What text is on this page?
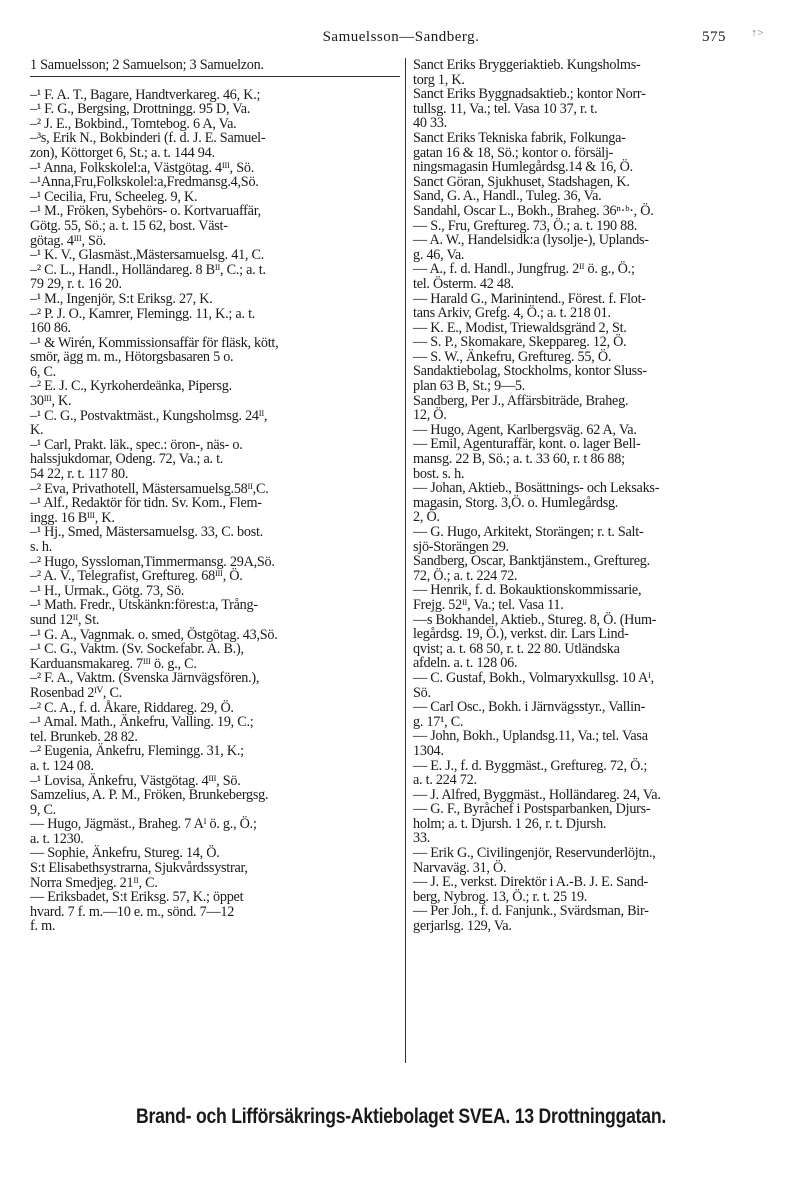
Samuelsson—Sandberg.	575 ↑>
1 Samuelsson; 2 Samuelson; 3 Samuelzon.
–¹ F. A. T., Bagare, Handtverkareg. 46, K.;
–¹ F. G., Bergsing, Drottningg. 95 D, Va.
–² J. E., Bokbind., Tomtebog. 6 A, Va.
–³s, Erik N., Bokbinderi (f. d. J. E. Samuel-
zon), Köttorget 6, St.; a. t. 144 94.
–¹ Anna, Folkskolel:a, Västgötag. 4ᴵᴵᴵ, Sö.
–¹Anna,Fru,Folkskolel:a,Fredmansg.4,Sö.
–¹ Cecilia, Fru, Scheeleg. 9, K.
–¹ M., Fröken, Sybehörs- o. Kortvaruaffär,
Götg. 55, Sö.; a. t. 15 62, bost. Väst-
götag. 4ᴵᴵᴵ, Sö.
–¹ K. V., Glasmäst.,Mästersamuelsg. 41, C.
–² C. L., Handl., Holländareg. 8 Bᴵᴵ, C.; a. t.
79 29, r. t. 16 20.
–¹ M., Ingenjör, S:t Eriksg. 27, K.
–² P. J. O., Kamrer, Flemingg. 11, K.; a. t.
160 86.
–¹ & Wirén, Kommissionsaffär för fläsk, kött,
smör, ägg m. m., Hötorgsbasaren 5 o.
6, C.
–² E. J. C., Kyrkoherdeänka, Pipersg.
30ᴵᴵᴵ, K.
–¹ C. G., Postvaktmäst., Kungsholmsg. 24ᴵᴵ,
K.
–¹ Carl, Prakt. läk., spec.: öron-, näs- o.
halssjukdomar, Odeng. 72, Va.; a. t.
54 22, r. t. 117 80.
–² Eva, Privathotell, Mästersamuelsg.58ᴵᴵ,C.
–¹ Alf., Redaktör för tidn. Sv. Kom., Flem-
ingg. 16 Bᴵᴵᴵ, K.
–¹ Hj., Smed, Mästersamuelsg. 33, C. bost.
s. h.
–² Hugo, Syssloman,Timmermansg. 29A,Sö.
–² A. V., Telegrafist, Greftureg. 68ᴵᴵᴵ, Ö.
–¹ H., Urmak., Götg. 73, Sö.
–¹ Math. Fredr., Utskänkn:förest:a, Trång-
sund 12ᴵᴵ, St.
–¹ G. A., Vagnmak. o. smed, Östgötag. 43,Sö.
–¹ C. G., Vaktm. (Sv. Sockefabr. A. B.),
Karduansmakareg. 7ᴵᴵᴵ ö. g., C.
–² F. A., Vaktm. (Svenska Järnvägsfören.),
Rosenbad 2ᴵⱽ, C.
–² C. A., f. d. Åkare, Riddareg. 29, Ö.
–¹ Amal. Math., Änkefru, Valling. 19, C.;
tel. Brunkeb. 28 82.
–² Eugenia, Änkefru, Flemingg. 31, K.;
a. t. 124 08.
–¹ Lovisa, Änkefru, Västgötag. 4ᴵᴵᴵ, Sö.
Samzelius, A. P. M., Fröken, Brunkebergsg.
9, C.
— Hugo, Jägmäst., Braheg. 7 Aᴵ ö. g., Ö.;
a. t. 1230.
— Sophie, Änkefru, Stureg. 14, Ö.
S:t Elisabethsystrarna, Sjukvårdssystrar,
Norra Smedjeg. 21ᴵᴵ, C.
— Eriksbadet, S:t Eriksg. 57, K.; öppet
hvard. 7 f. m.—10 e. m., sönd. 7—12
f. m.
Sanct Eriks Bryggeriaktieb. Kungsholms-
torg 1, K.
Sanct Eriks Byggnadsaktieb.; kontor Norr-
tullsg. 11, Va.; tel. Vasa 10 37, r. t.
40 33.
Sanct Eriks Tekniska fabrik, Folkunga-
gatan 16 & 18, Sö.; kontor o. försälj-
ningsmagasin Humlegårdsg.14 & 16, Ö.
Sanct Göran, Sjukhuset, Stadshagen, K.
Sand, G. A., Handl., Tuleg. 36, Va.
Sandahl, Oscar L., Bokh., Braheg. 36ⁿ·ᵇ·, Ö.
— S., Fru, Greftureg. 73, Ö.; a. t. 190 88.
— A. W., Handelsidk:a (lysolje-), Uplands-
g. 46, Va.
— A., f. d. Handl., Jungfrug. 2ᴵᴵ ö. g., Ö.;
tel. Österm. 42 48.
— Harald G., Marinintend., Förest. f. Flot-
tans Arkiv, Grefg. 4, Ö.; a. t. 218 01.
— K. E., Modist, Triewaldsgränd 2, St.
— S. P., Skomakare, Skeppareg. 12, Ö.
— S. W., Änkefru, Greftureg. 55, Ö.
Sandaktiebolag, Stockholms, kontor Sluss-
plan 63 B, St.; 9—5.
Sandberg, Per J., Affärsbiträde, Braheg.
12, Ö.
— Hugo, Agent, Karlbergsväg. 62 A, Va.
— Emil, Agenturaffär, kont. o. lager Bell-
mansg. 22 B, Sö.; a. t. 33 60, r. t 86 88;
bost. s. h.
— Johan, Aktieb., Bosättnings- och Leksaks-
magasin, Storg. 3,Ö. o. Humlegårdsg.
2, Ö.
— G. Hugo, Arkitekt, Storängen; r. t. Salt-
sjö-Storängen 29.
Sandberg, Oscar, Banktjänstem., Greftureg.
72, Ö.; a. t. 224 72.
— Henrik, f. d. Bokauktionskommissarie,
Frejg. 52ᴵᴵ, Va.; tel. Vasa 11.
—s Bokhandel, Aktieb., Stureg. 8, Ö. (Hum-
legårdsg. 19, Ö.), verkst. dir. Lars Lind-
qvist; a. t. 68 50, r. t. 22 80. Utländska
afdeln. a. t. 128 06.
— C. Gustaf, Bokh., Volmaryxkullsg. 10 Aᴵ,
Sö.
— Carl Osc., Bokh. i Järnvägsstyr., Vallin-
g. 17¹, C.
— John, Bokh., Uplandsg.11, Va.; tel. Vasa
1304.
— E. J., f. d. Byggmäst., Greftureg. 72, Ö.;
a. t. 224 72.
— J. Alfred, Byggmäst., Holländareg. 24, Va.
— G. F., Byråchef i Postsparbanken, Djurs-
holm; a. t. Djursh. 1 26, r. t. Djursh.
33.
— Erik G., Civilingenjör, Reservunderlöjtn.,
Narvaväg. 31, Ö.
— J. E., verkst. Direktör i A.-B. J. E. Sand-
berg, Nybrog. 13, Ö.; r. t. 25 19.
— Per Joh., f. d. Fanjunk., Svärdsman, Bir-
gerjarlsg. 129, Va.
Brand- och Lifförsäkrings-Aktiebolaget SVEA. 13 Drottninggatan.
